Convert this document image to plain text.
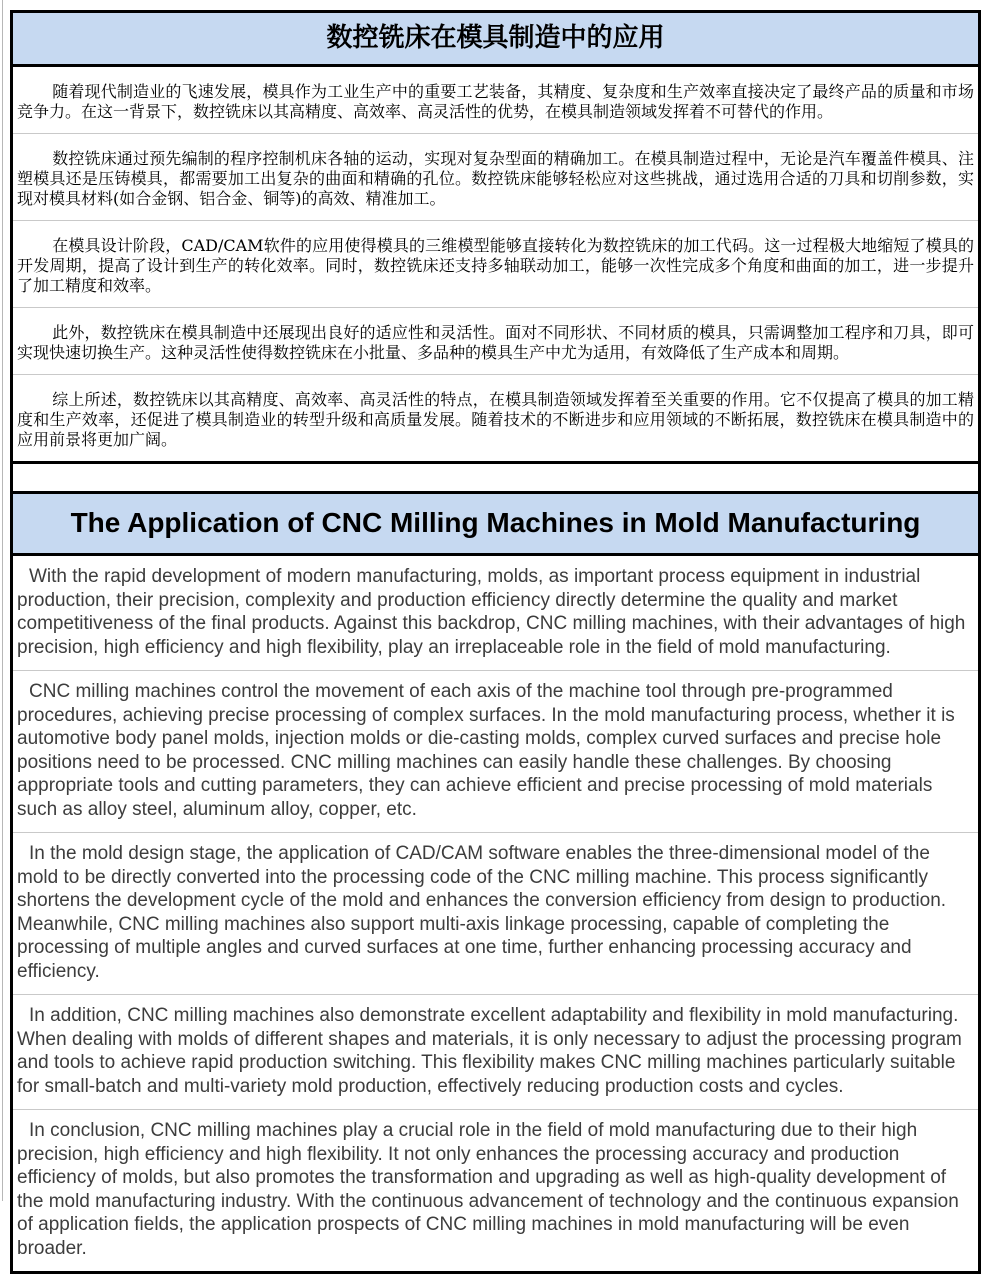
数控铣床在模具制造中的应用
随着现代制造业的飞速发展，模具作为工业生产中的重要工艺装备，其精度、复杂度和生产效率直接决定了最终产品的质量和市场竞争力。在这一背景下，数控铣床以其高精度、高效率、高灵活性的优势，在模具制造领域发挥着不可替代的作用。
数控铣床通过预先编制的程序控制机床各轴的运动，实现对复杂型面的精确加工。在模具制造过程中，无论是汽车覆盖件模具、注塑模具还是压铸模具，都需要加工出复杂的曲面和精确的孔位。数控铣床能够轻松应对这些挑战，通过选用合适的刀具和切削参数，实现对模具材料(如合金钢、铝合金、铜等)的高效、精准加工。
在模具设计阶段，CAD/CAM软件的应用使得模具的三维模型能够直接转化为数控铣床的加工代码。这一过程极大地缩短了模具的开发周期，提高了设计到生产的转化效率。同时，数控铣床还支持多轴联动加工，能够一次性完成多个角度和曲面的加工，进一步提升了加工精度和效率。
此外，数控铣床在模具制造中还展现出良好的适应性和灵活性。面对不同形状、不同材质的模具，只需调整加工程序和刀具，即可实现快速切换生产。这种灵活性使得数控铣床在小批量、多品种的模具生产中尤为适用，有效降低了生产成本和周期。
综上所述，数控铣床以其高精度、高效率、高灵活性的特点，在模具制造领域发挥着至关重要的作用。它不仅提高了模具的加工精度和生产效率，还促进了模具制造业的转型升级和高质量发展。随着技术的不断进步和应用领域的不断拓展，数控铣床在模具制造中的应用前景将更加广阔。
The Application of CNC Milling Machines in Mold Manufacturing
With the rapid development of modern manufacturing, molds, as important process equipment in industrial production, their precision, complexity and production efficiency directly determine the quality and market competitiveness of the final products. Against this backdrop, CNC milling machines, with their advantages of high precision, high efficiency and high flexibility, play an irreplaceable role in the field of mold manufacturing.
CNC milling machines control the movement of each axis of the machine tool through pre-programmed procedures, achieving precise processing of complex surfaces. In the mold manufacturing process, whether it is automotive body panel molds, injection molds or die-casting molds, complex curved surfaces and precise hole positions need to be processed. CNC milling machines can easily handle these challenges. By choosing appropriate tools and cutting parameters, they can achieve efficient and precise processing of mold materials such as alloy steel, aluminum alloy, copper, etc.
In the mold design stage, the application of CAD/CAM software enables the three-dimensional model of the mold to be directly converted into the processing code of the CNC milling machine. This process significantly shortens the development cycle of the mold and enhances the conversion efficiency from design to production. Meanwhile, CNC milling machines also support multi-axis linkage processing, capable of completing the processing of multiple angles and curved surfaces at one time, further enhancing processing accuracy and efficiency.
In addition, CNC milling machines also demonstrate excellent adaptability and flexibility in mold manufacturing. When dealing with molds of different shapes and materials, it is only necessary to adjust the processing program and tools to achieve rapid production switching. This flexibility makes CNC milling machines particularly suitable for small-batch and multi-variety mold production, effectively reducing production costs and cycles.
In conclusion, CNC milling machines play a crucial role in the field of mold manufacturing due to their high precision, high efficiency and high flexibility. It not only enhances the processing accuracy and production efficiency of molds, but also promotes the transformation and upgrading as well as high-quality development of the mold manufacturing industry. With the continuous advancement of technology and the continuous expansion of application fields, the application prospects of CNC milling machines in mold manufacturing will be even broader.
